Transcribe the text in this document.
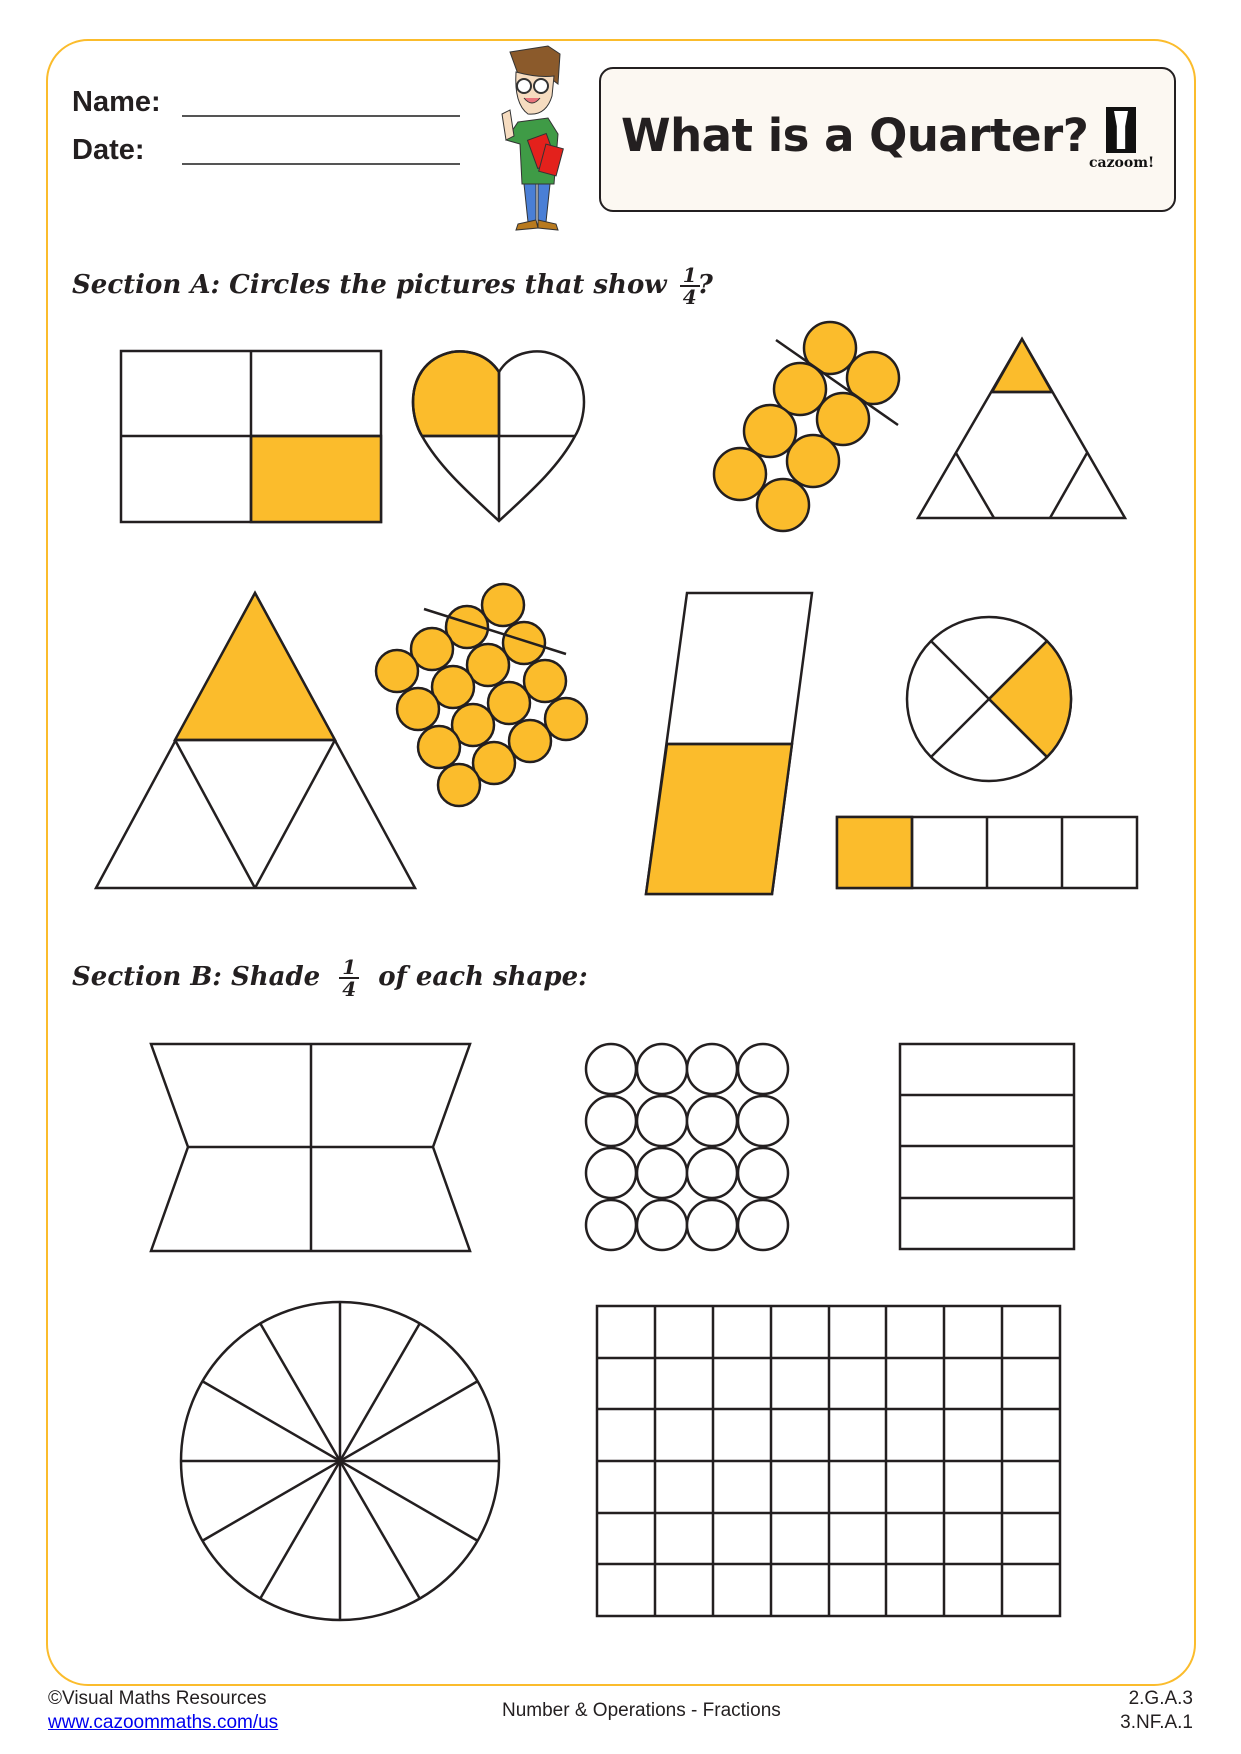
Name:
Date:	What is a Quarter?
cazoom!
Section A: Circles the pictures that show $\frac{1}{4}$
?
Section B: Shade $\frac{1}{4}$ of each shape:
©Visual Maths Resources
www.cazoommaths.com/us
Number & Operations - Fractions
2.G.A.3
3.NF.A.1
